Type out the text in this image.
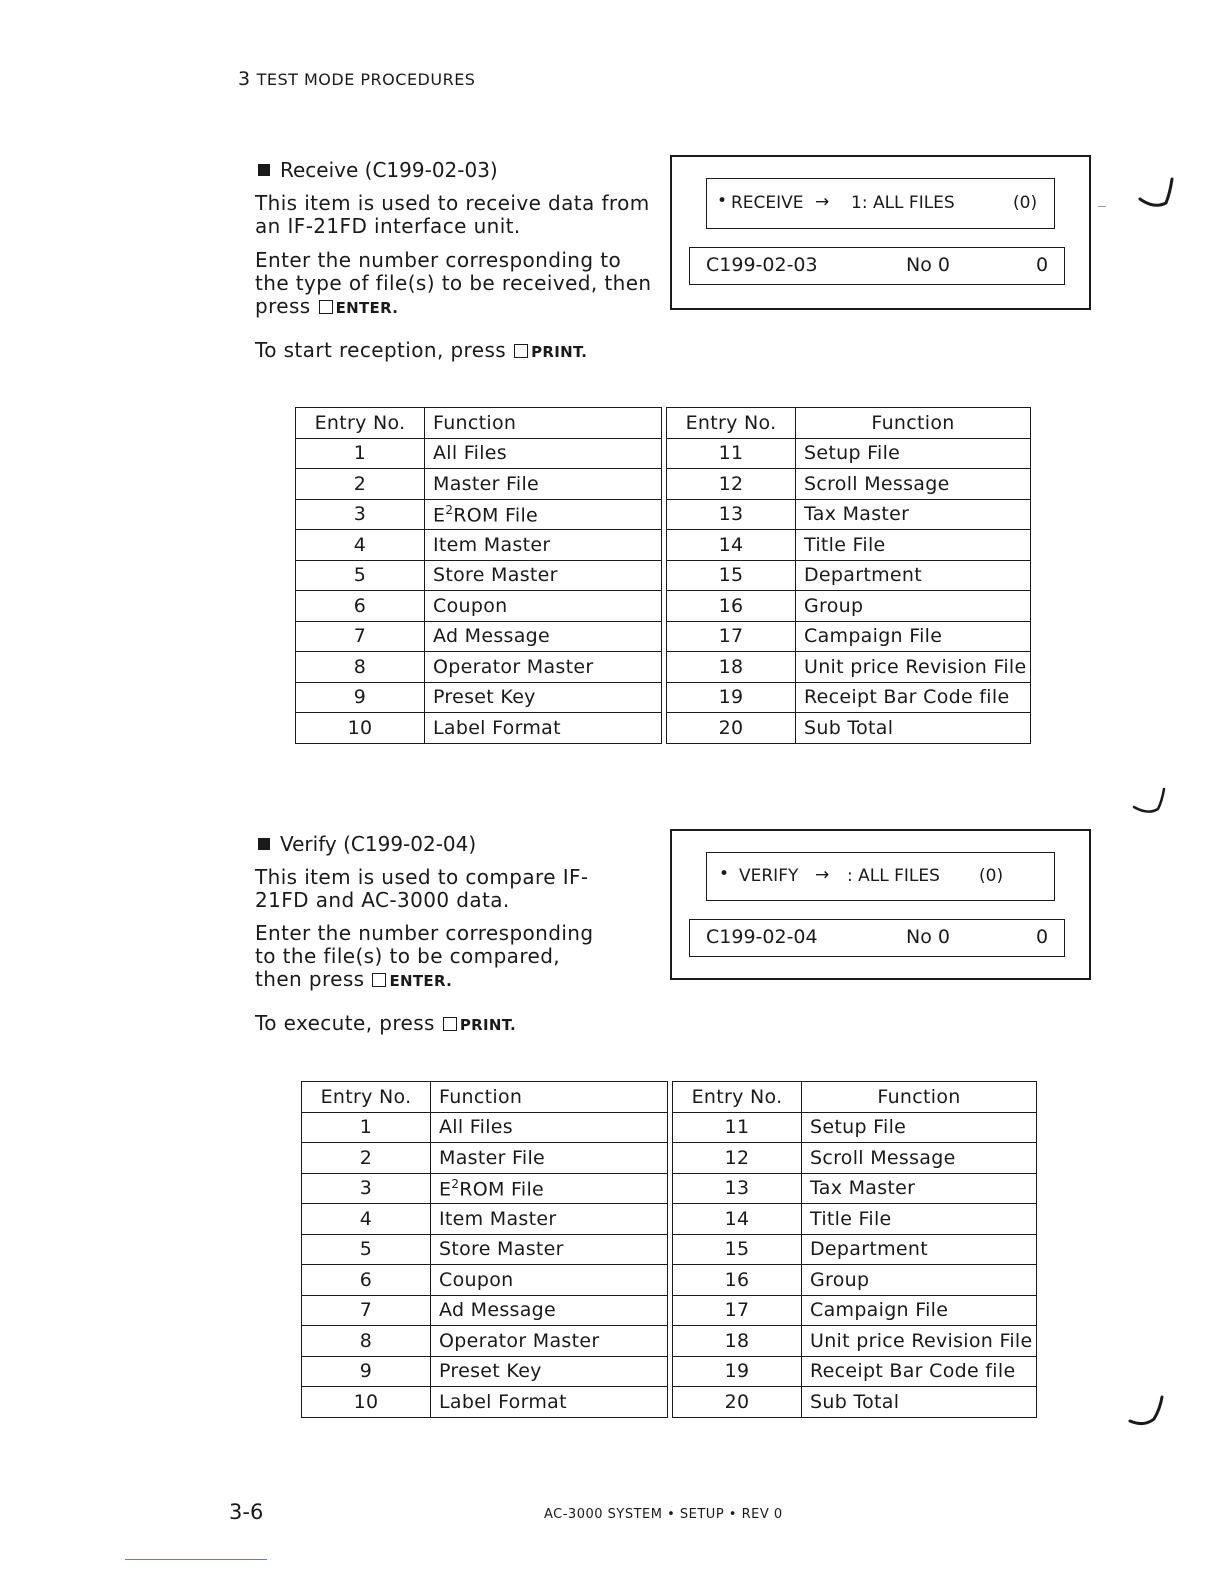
3 TEST MODE PROCEDURES
Receive (C199-02-03)
This item is used to receive data from
an IF-21FD interface unit.
Enter the number corresponding to
the type of file(s) to be received, then
press ENTER.
To start reception, press PRINT.
• RECEIVE → 1: ALL FILES	(0)
C199-02-03	No 0	0
Entry No.	Function		Entry No.	Function
1	All Files		11	Setup File
2	Master File		12	Scroll Message
3	$E^2ROM$ File		13	Tax Master
4	Item Master		14	Title File
5	Store Master		15	Department
6	Coupon		16	Group
7	Ad Message		17	Campaign File
8	Operator Master		18	Unit price Revision File
9	Preset Key		19	Receipt Bar Code file
10	Label Format		20	Sub Total
Verify (C199-02-04)
This item is used to compare IF-
21FD and AC-3000 data.
Enter the number corresponding
to the file(s) to be compared,
then press ENTER.
To execute, press PRINT.
• VERIFY → : ALL FILES (0)
C199-02-04	No 0	0
Entry No.	Function		Entry No.	Function
1	All Files		11	Setup File
2	Master File		12	Scroll Message
3	$E^2ROM$ File		13	Tax Master
4	Item Master		14	Title File
5	Store Master		15	Department
6	Coupon		16	Group
7	Ad Message		17	Campaign File
8	Operator Master		18	Unit price Revision File
9	Preset Key		19	Receipt Bar Code file
10	Label Format		20	Sub Total
3-6	AC-3000 SYSTEM • SETUP • REV 0
